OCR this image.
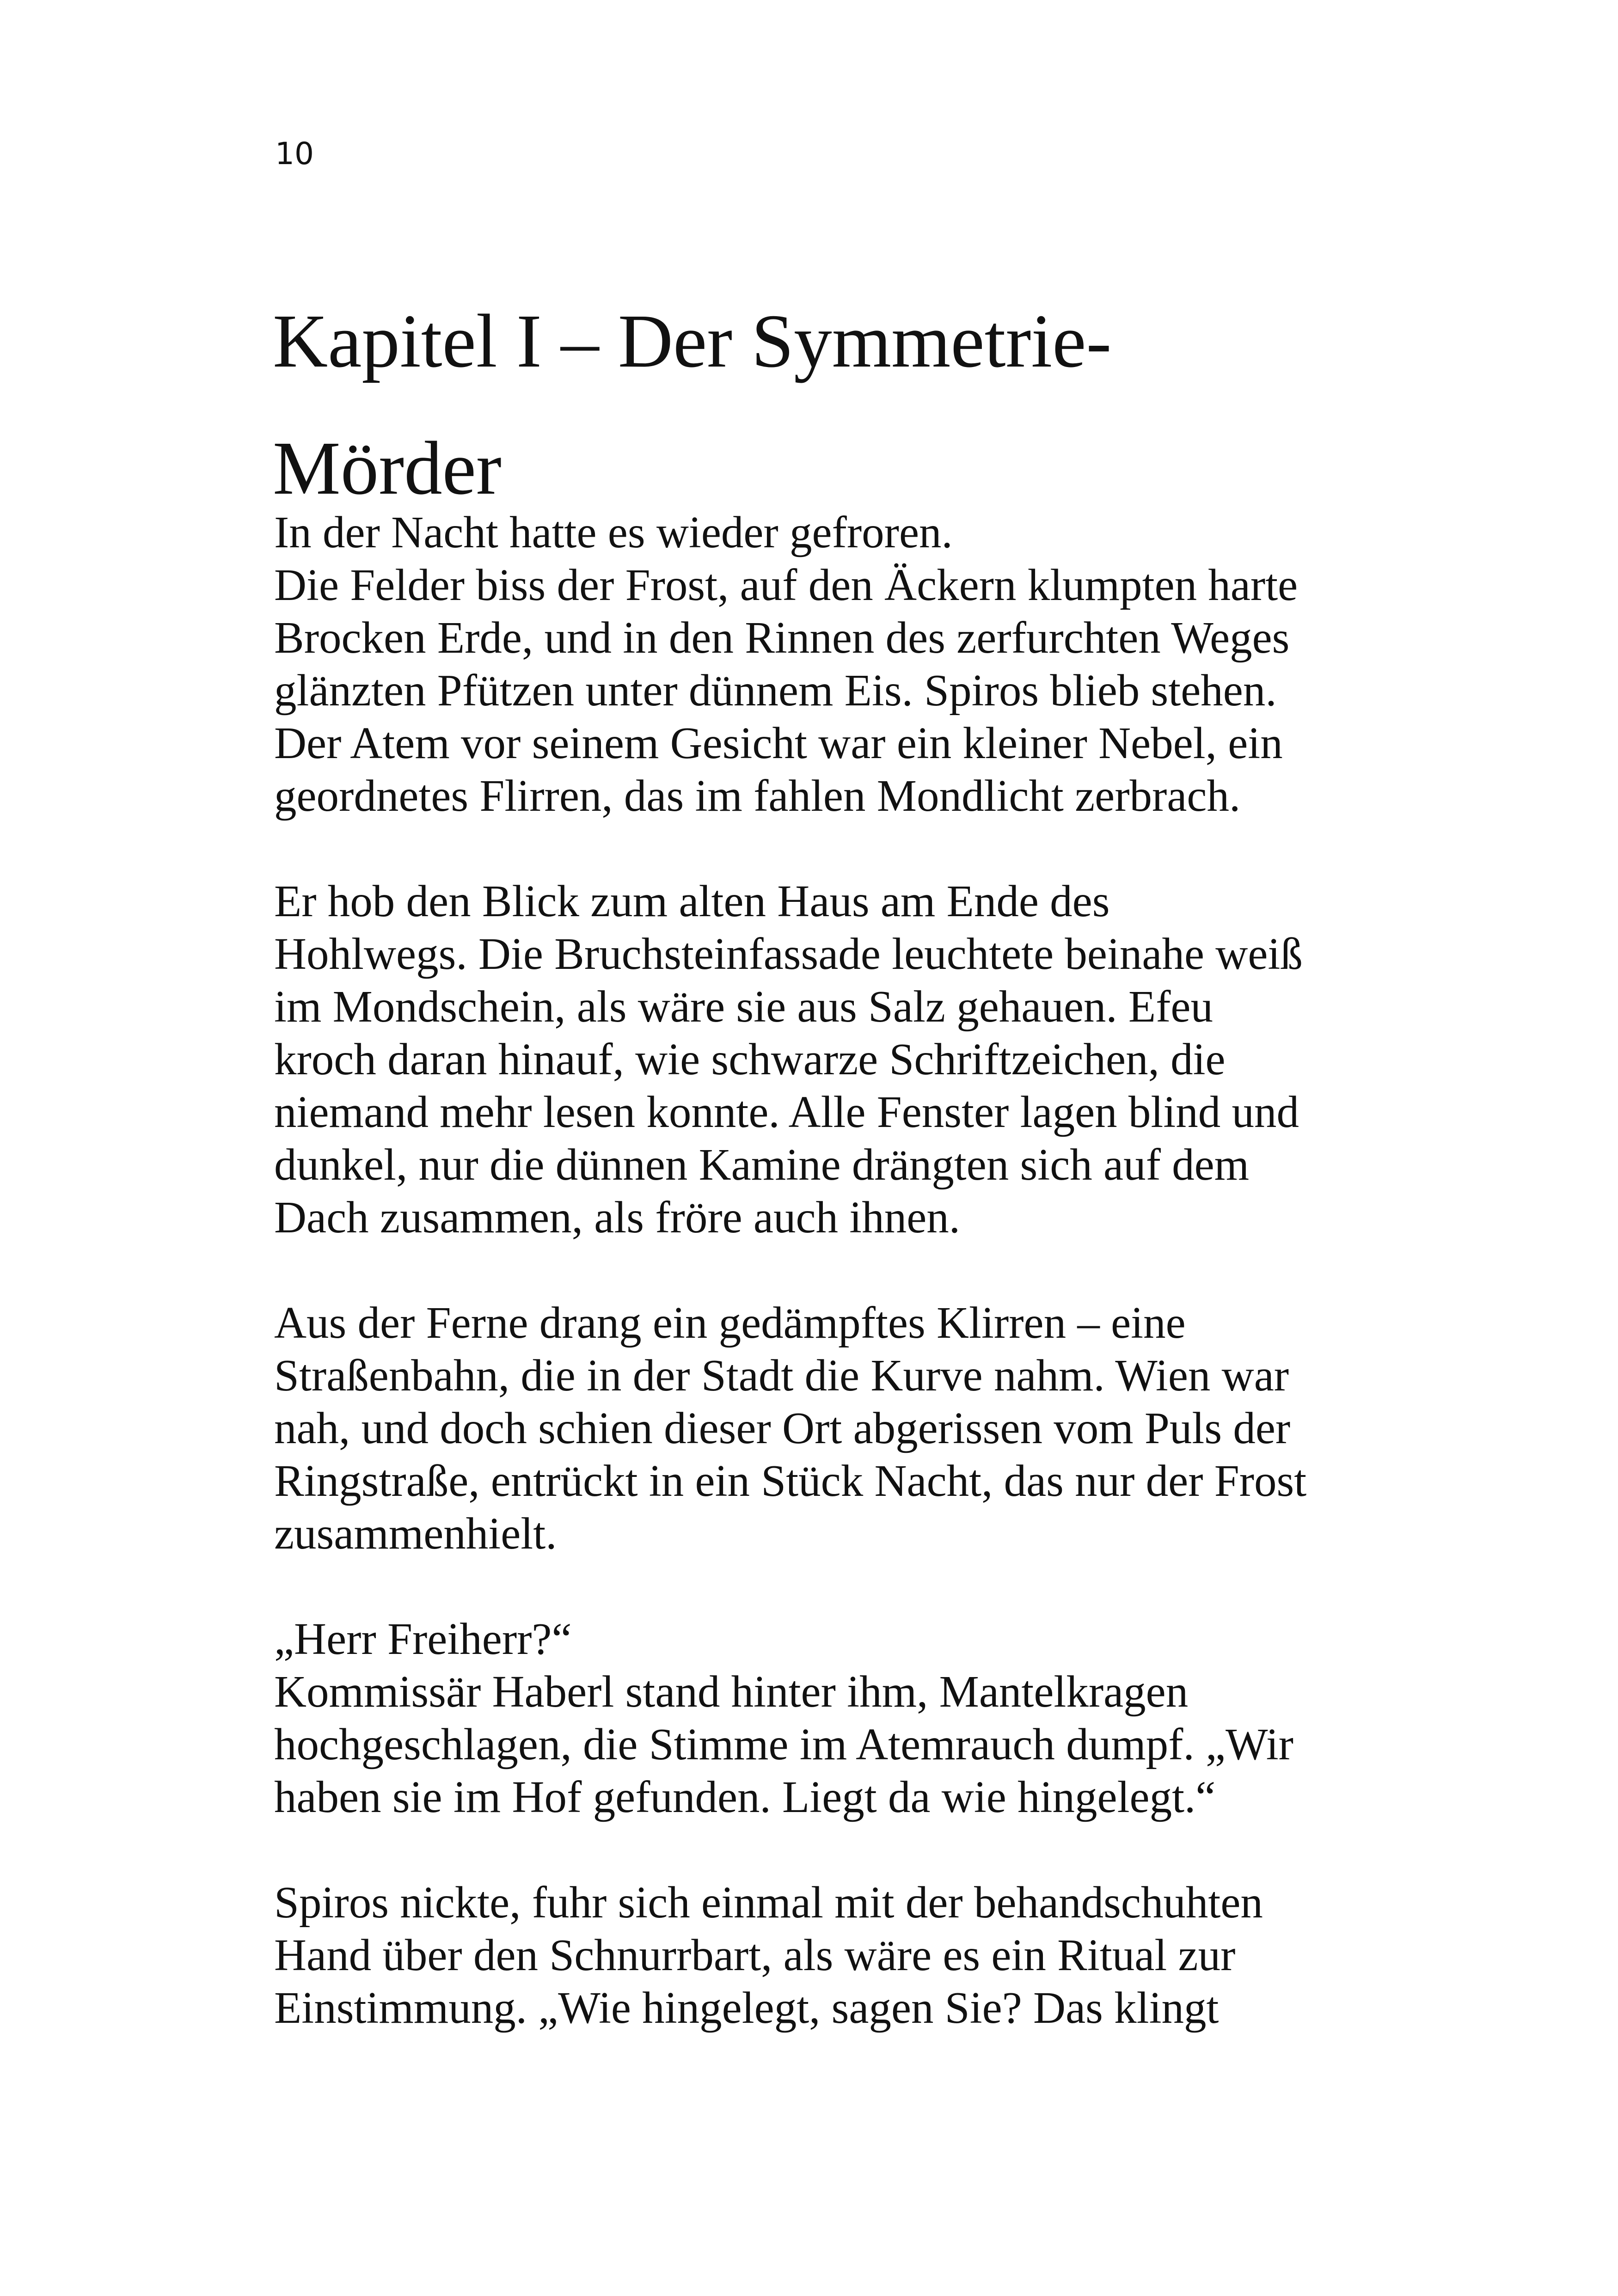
10
Kapitel I – Der Symmetrie-
Mörder

In der Nacht hatte es wieder gefroren.
Die Felder biss der Frost, auf den Äckern klumpten harte
Brocken Erde, und in den Rinnen des zerfurchten Weges
glänzten Pfützen unter dünnem Eis. Spiros blieb stehen.
Der Atem vor seinem Gesicht war ein kleiner Nebel, ein
geordnetes Flirren, das im fahlen Mondlicht zerbrach.

Er hob den Blick zum alten Haus am Ende des
Hohlwegs. Die Bruchsteinfassade leuchtete beinahe weiß
im Mondschein, als wäre sie aus Salz gehauen. Efeu
kroch daran hinauf, wie schwarze Schriftzeichen, die
niemand mehr lesen konnte. Alle Fenster lagen blind und
dunkel, nur die dünnen Kamine drängten sich auf dem
Dach zusammen, als fröre auch ihnen.

Aus der Ferne drang ein gedämpftes Klirren – eine
Straßenbahn, die in der Stadt die Kurve nahm. Wien war
nah, und doch schien dieser Ort abgerissen vom Puls der
Ringstraße, entrückt in ein Stück Nacht, das nur der Frost
zusammenhielt.

„Herr Freiherr?“
Kommissär Haberl stand hinter ihm, Mantelkragen
hochgeschlagen, die Stimme im Atemrauch dumpf. „Wir
haben sie im Hof gefunden. Liegt da wie hingelegt.“

Spiros nickte, fuhr sich einmal mit der behandschuhten
Hand über den Schnurrbart, als wäre es ein Ritual zur
Einstimmung. „Wie hingelegt, sagen Sie? Das klingt
